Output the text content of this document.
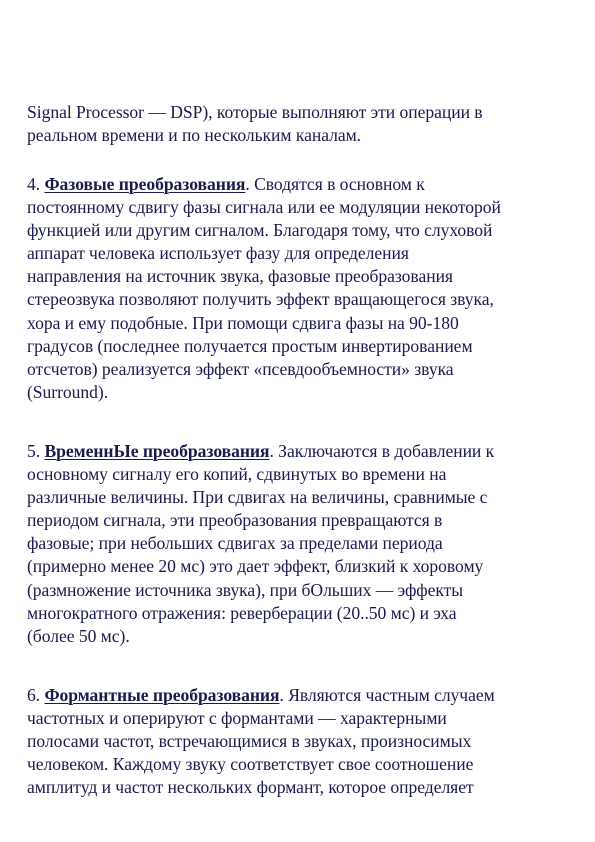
Signal Processor — DSP), которые выполняют эти операции в
реальном времени и по нескольким каналам.
4. Фазовые преобразования. Сводятся в основном к
постоянному сдвигу фазы сигнала или ее модуляции некоторой
функцией или другим сигналом. Благодаря тому, что слуховой
аппарат человека использует фазу для определения
направления на источник звука, фазовые преобразования
стереозвука позволяют получить эффект вращающегося звука,
хора и ему подобные. При помощи сдвига фазы на 90-180
градусов (последнее получается простым инвертированием
отсчетов) реализуется эффект «псевдообъемности» звука
(Surround).
5. ВременнЫе преобразования. Заключаются в добавлении к
основному сигналу его копий, сдвинутых во времени на
различные величины. При сдвигах на величины, сравнимые с
периодом сигнала, эти преобразования превращаются в
фазовые; при небольших сдвигах за пределами периода
(примерно менее 20 мс) это дает эффект, близкий к хоровому
(размножение источника звука), при бОльших — эффекты
многократного отражения: реверберации (20..50 мс) и эха
(более 50 мс).
6. Формантные преобразования. Являются частным случаем
частотных и оперируют с формантами — характерными
полосами частот, встречающимися в звуках, произносимых
человеком. Каждому звуку соответствует свое соотношение
амплитуд и частот нескольких формант, которое определяет
